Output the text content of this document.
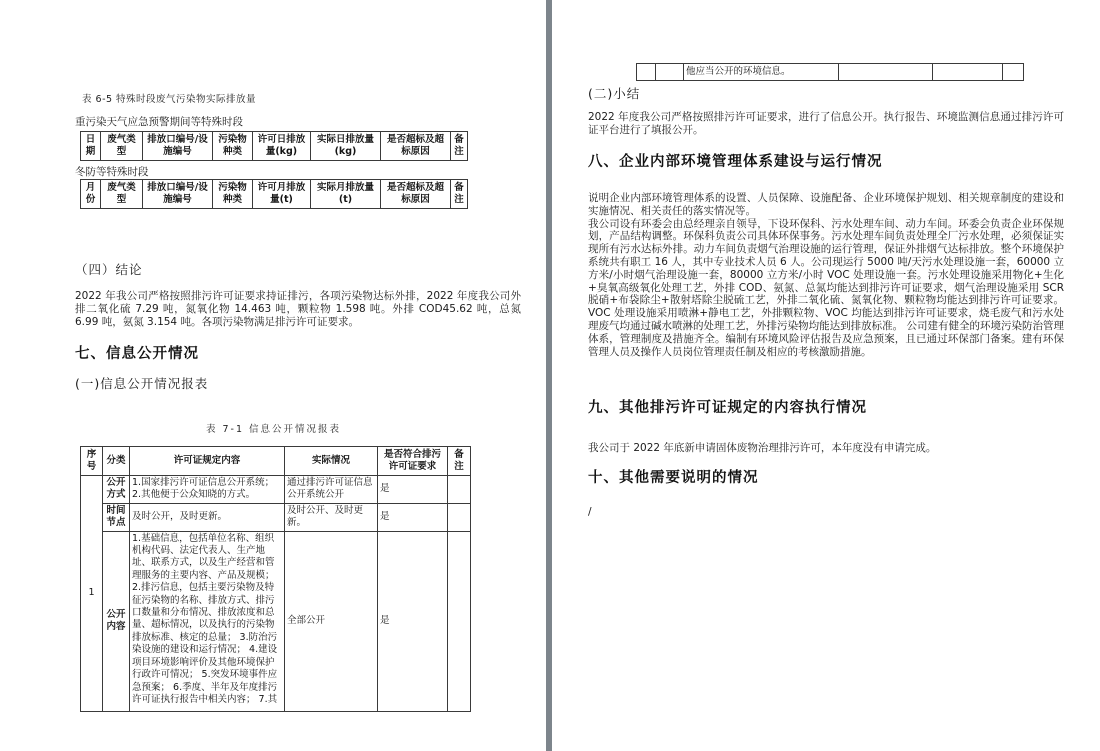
表 6-5 特殊时段废气污染物实际排放量
重污染天气应急预警期间等特殊时段
日期	废气类型	排放口编号/设施编号	污染物种类	许可日排放量(kg)	实际日排放量(kg)	是否超标及超标原因	备注
冬防等特殊时段
月份	废气类型	排放口编号/设施编号	污染物种类	许可月排放量(t)	实际月排放量(t)	是否超标及超标原因	备注
（四）结论
2022 年我公司严格按照排污许可证要求持证排污，各项污染物达标外排，2022 年度我公司外排二氧化硫 7.29 吨，氮氧化物 14.463 吨，颗粒物 1.598 吨。外排 COD45.62 吨，总氮 6.99 吨，氨氮 3.154 吨。各项污染物满足排污许可证要求。
七、信息公开情况
(一)信息公开情况报表
表 7-1 信息公开情况报表
序号	分类	许可证规定内容	实际情况	是否符合排污许可证要求	备注
1	公开方式	1.国家排污许可证信息公开系统；2.其他便于公众知晓的方式。	通过排污许可证信息公开系统公开	是	
	时间节点	及时公开，及时更新。	及时公开、及时更新。	是	
	公开内容	1.基础信息，包括单位名称、组织机构代码、法定代表人、生产地址、联系方式，以及生产经营和管理服务的主要内容、产品及规模；2.排污信息，包括主要污染物及特征污染物的名称、排放方式、排污口数量和分布情况、排放浓度和总量、超标情况，以及执行的污染物排放标准、核定的总量； 3.防治污染设施的建设和运行情况； 4.建设项目环境影响评价及其他环境保护行政许可情况； 5.突发环境事件应急预案； 6.季度、半年及年度排污许可证执行报告中相关内容； 7.其	全部公开	是	
		他应当公开的环境信息。			
(二)小结
2022 年度我公司严格按照排污许可证要求，进行了信息公开。执行报告、环境监测信息通过排污许可证平台进行了填报公开。
八、企业内部环境管理体系建设与运行情况
说明企业内部环境管理体系的设置、人员保障、设施配备、企业环境保护规划、相关规章制度的建设和实施情况、相关责任的落实情况等。
我公司设有环委会由总经理亲自领导，下设环保科、污水处理车间、动力车间。环委会负责企业环保规划，产品结构调整。环保科负责公司具体环保事务。污水处理车间负责处理全厂污水处理，必须保证实现所有污水达标外排。动力车间负责烟气治理设施的运行管理，保证外排烟气达标排放。整个环境保护系统共有职工 16 人，其中专业技术人员 6 人。公司现运行 5000 吨/天污水处理设施一套，60000 立方米/小时烟气治理设施一套，80000 立方米/小时 VOC 处理设施一套。污水处理设施采用物化+生化+臭氧高级氧化处理工艺，外排 COD、氨氮、总氮均能达到排污许可证要求，烟气治理设施采用 SCR 脱硝+布袋除尘+散射塔除尘脱硫工艺，外排二氧化硫、氮氧化物、颗粒物均能达到排污许可证要求。VOC 处理设施采用喷淋+静电工艺，外排颗粒物、VOC 均能达到排污许可证要求，烧毛废气和污水处理废气均通过碱水喷淋的处理工艺，外排污染物均能达到排放标准。 公司建有健全的环境污染防治管理体系，管理制度及措施齐全。编制有环境风险评估报告及应急预案，且已通过环保部门备案。建有环保管理人员及操作人员岗位管理责任制及相应的考核激励措施。
九、其他排污许可证规定的内容执行情况
我公司于 2022 年底新申请固体废物治理排污许可，本年度没有申请完成。
十、其他需要说明的情况
/
